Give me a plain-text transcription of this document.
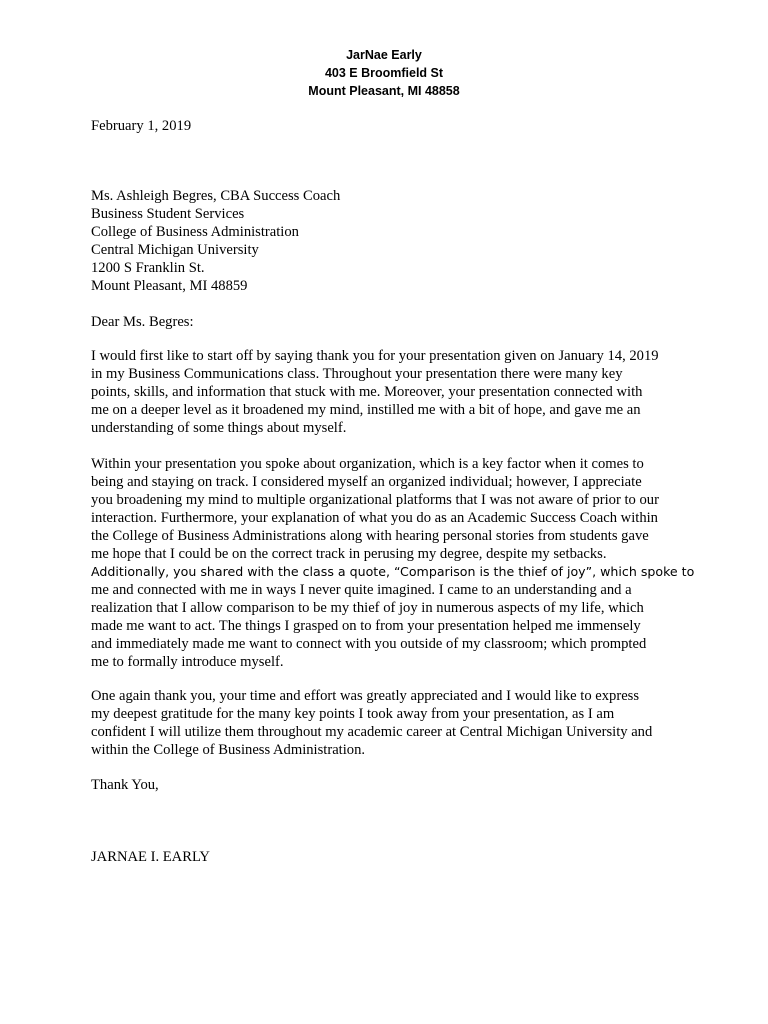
JarNae Early
403 E Broomfield St
Mount Pleasant, MI 48858
February 1, 2019
Ms. Ashleigh Begres, CBA Success Coach
Business Student Services
College of Business Administration
Central Michigan University
1200 S Franklin St.
Mount Pleasant, MI 48859
Dear Ms. Begres:
I would first like to start off by saying thank you for your presentation given on January 14, 2019
in my Business Communications class. Throughout your presentation there were many key
points, skills, and information that stuck with me. Moreover, your presentation connected with
me on a deeper level as it broadened my mind, instilled me with a bit of hope, and gave me an
understanding of some things about myself.
Within your presentation you spoke about organization, which is a key factor when it comes to
being and staying on track. I considered myself an organized individual; however, I appreciate
you broadening my mind to multiple organizational platforms that I was not aware of prior to our
interaction. Furthermore, your explanation of what you do as an Academic Success Coach within
the College of Business Administrations along with hearing personal stories from students gave
me hope that I could be on the correct track in perusing my degree, despite my setbacks.
Additionally, you shared with the class a quote, “Comparison is the thief of joy”, which spoke to
me and connected with me in ways I never quite imagined. I came to an understanding and a
realization that I allow comparison to be my thief of joy in numerous aspects of my life, which
made me want to act. The things I grasped on to from your presentation helped me immensely
and immediately made me want to connect with you outside of my classroom; which prompted
me to formally introduce myself.
One again thank you, your time and effort was greatly appreciated and I would like to express
my deepest gratitude for the many key points I took away from your presentation, as I am
confident I will utilize them throughout my academic career at Central Michigan University and
within the College of Business Administration.
Thank You,
JARNAE I. EARLY
